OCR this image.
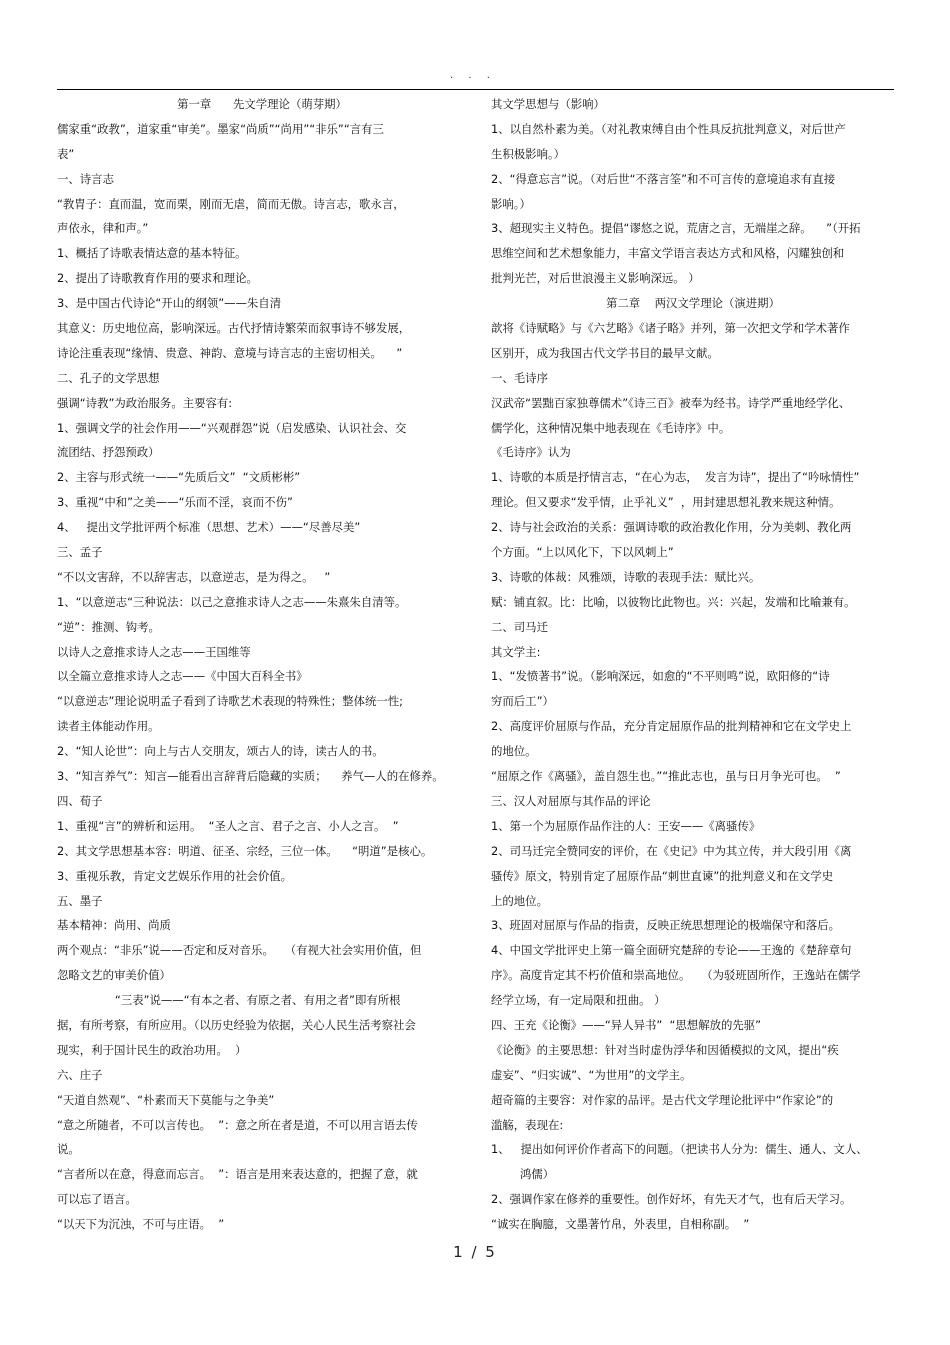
. . .
第一章      先文学理论（萌芽期）
儒家重“政教”，道家重“审美”。墨家“尚质”“尚用”“非乐”“言有三
表”
一、诗言志
“教胄子：直而温，宽而栗，刚而无虐，简而无傲。诗言志，歌永言，
声依永，律和声。”
1、概括了诗歌表情达意的基本特征。
2、提出了诗歌教育作用的要求和理论。
3、是中国古代诗论“开山的纲领”——朱自清
其意义：历史地位高，影响深远。古代抒情诗繁荣而叙事诗不够发展，
诗论注重表现“缘情、贵意、神韵、意境与诗言志的主密切相关。    ”
二、孔子的文学思想
强调“诗教”为政治服务。主要容有:
1、强调文学的社会作用——“兴观群怨”说（启发感染、认识社会、交
流团结、抒怨预政）
2、主容与形式统一——“先质后文”  “文质彬彬”
3、重视“中和”之美——“乐而不淫，哀而不伤”
4、   提出文学批评两个标准（思想、艺术）——“尽善尽美”
三、孟子
“不以文害辞，不以辞害志，以意逆志，是为得之。   ”
1、“以意逆志“三种说法：以己之意推求诗人之志——朱熹朱自清等。
“逆”：推测、钩考。
以诗人之意推求诗人之志——王国维等
以全篇立意推求诗人之志——《中国大百科全书》
“以意逆志”理论说明孟子看到了诗歌艺术表现的特殊性；整体统一性;
读者主体能动作用。
2、“知人论世”：向上与古人交朋友，颂古人的诗，读古人的书。
3、“知言养气”：知言—能看出言辞背后隐藏的实质；    养气—人的在修养。
四、荀子
1、重视“言”的辨析和运用。  “圣人之言、君子之言、小人之言。  ”
2、其文学思想基本容：明道、征圣、宗经，三位一体。    “明道”是核心。
3、重视乐教，肯定文艺娱乐作用的社会价值。
五、墨子
基本精神：尚用、尚质
两个观点：“非乐”说——否定和反对音乐。   （有视大社会实用价值，但
忽略文艺的审美价值）
“三表”说——“有本之者、有原之者、有用之者”即有所根
据，有所考察，有所应用。（以历史经验为依据，关心人民生活考察社会
现实，利于国计民生的政治功用。  ）
六、庄子
“天道自然观”、“朴素而天下莫能与之争美”
“意之所随者，不可以言传也。  ”：意之所在者是道，不可以用言语去传
说。
“言者所以在意，得意而忘言。  ”：语言是用来表达意的，把握了意，就
可以忘了语言。
“以天下为沉浊，不可与庄语。  ”
其文学思想与（影响）
1、以自然朴素为美。（对礼教束缚自由个性具反抗批判意义，对后世产
生积极影响。）
2、“得意忘言”说。（对后世“不落言筌”和不可言传的意境追求有直接
影响。）
3、超现实主义特色。提倡“谬悠之说，荒唐之言，无端崖之辞。    ”（开拓
思维空间和艺术想象能力，丰富文学语言表达方式和风格，闪耀独创和
批判光芒，对后世浪漫主义影响深远。 ）
第二章    两汉文学理论（演进期）
歆将《诗赋略》与《六艺略》《诸子略》并列，第一次把文学和学术著作
区别开，成为我国古代文学书目的最早文献。
一、毛诗序
汉武帝“罢黜百家独尊儒术”《诗三百》被奉为经书。诗学严重地经学化、
儒学化，这种情况集中地表现在《毛诗序》中。
《毛诗序》认为
1、诗歌的本质是抒情言志，“在心为志，  发言为诗”，提出了“吟咏情性”
理论。但又要求“发乎情，止乎礼义”  ，用封建思想礼教来规这种情。
2、诗与社会政治的关系：强调诗歌的政治教化作用，分为美刺、教化两
个方面。“上以风化下，下以风刺上”
3、诗歌的体裁：风雅颂，诗歌的表现手法：赋比兴。
赋：铺直叙。比：比喻，以彼物比此物也。兴：兴起，发端和比喻兼有。
二、司马迁
其文学主:
1、“发愤著书”说。（影响深远，如愈的“不平则鸣”说，欧阳修的“诗
穷而后工”）
2、高度评价屈原与作品，充分肯定屈原作品的批判精神和它在文学史上
的地位。
“屈原之作《离骚》，盖自怨生也。”“推此志也，虽与日月争光可也。  ”
三、汉人对屈原与其作品的评论
1、第一个为屈原作品作注的人：王安——《离骚传》
2、司马迁完全赞同安的评价，在《史记》中为其立传，并大段引用《离
骚传》原文，特别肯定了屈原作品“刺世直谏”的批判意义和在文学史
上的地位。
3、班固对屈原与作品的指责，反映正统思想理论的极端保守和落后。
4、中国文学批评史上第一篇全面研究楚辞的专论——王逸的《楚辞章句
序》。高度肯定其不朽价值和崇高地位。   （为驳班固所作，王逸站在儒学
经学立场，有一定局限和扭曲。 ）
四、王充《论衡》——“异人异书”  “思想解放的先驱”
《论衡》的主要思想：针对当时虚伪浮华和因循模拟的文风，提出“疾
虚妄”、“归实诚”、“为世用”的文学主。
超奇篇的主要容：对作家的品评。是古代文学理论批评中“作家论”的
滥觞，表现在:
1、   提出如何评价作者高下的问题。（把读书人分为:  儒生、通人、文人、
鸿儒）
2、强调作家在修养的重要性。创作好坏，有先天才气，也有后天学习。
“诚实在胸臆，文墨著竹帛，外表里，自相称副。  ”
1 / 5
